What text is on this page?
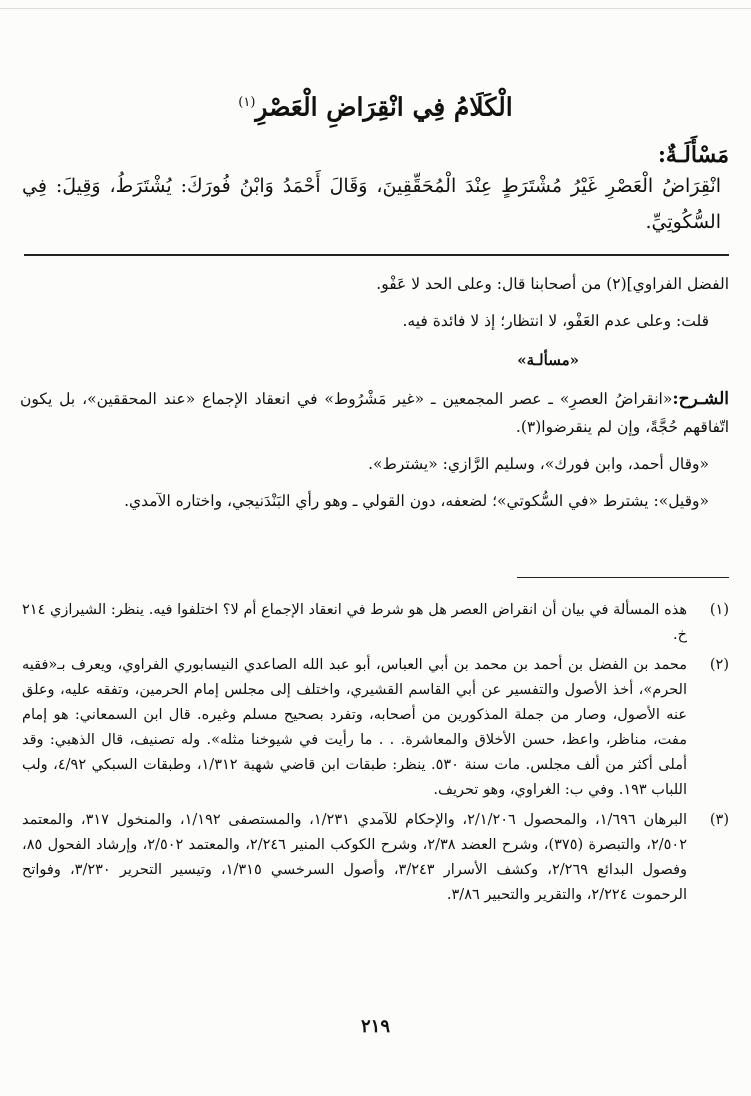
الْكَلَامُ فِي انْقِرَاضِ الْعَصْرِ$^{(١)}$
مَسْأَلَـةٌ:
انْقِرَاضُ الْعَصْرِ غَيْرُ مُشْتَرَطٍ عِنْدَ الْمُحَقِّقِينَ، وَقَالَ أَحْمَدُ وَابْنُ فُورَكَ: يُشْتَرَطُ، وَقِيلَ: فِي السُّكُوتِيِّ.

الفضل الفراوي](٢) من أصحابنا قال: وعلى الحد لا عَفْو.

قلت: وعلى عدم العَفْو، لا انتظار؛ إذ لا فائدة فيه.

«مسألـة»

الشـرح:«انقراضُ العصرِ» ـ عصر المجمعين ـ «غير مَشْرُوط» في انعقاد الإجماع «عند المحققين»، بل يكون اتّفاقهم حُجَّةً، وإن لم ينقرضوا(٣).

«وقال أحمد، وابن فورك»، وسليم الرَّازي: «يشترط».

«وقيل»: يشترط «في السُّكوتي»؛ لضعفه، دون القولي ـ وهو رأي البَنْدَنيجي، واختاره الآمدي.

(١)
هذه المسألة في بيان أن انقراض العصر هل هو شرط في انعقاد الإجماع أم لا؟ اختلفوا فيه. ينظر: الشيرازي ٢١٤ خ.
(٢)
محمد بن الفضل بن أحمد بن محمد بن أبي العباس، أبو عبد الله الصاعدي النيسابوري الفراوي، ويعرف بـ«فقيه الحرم»، أخذ الأصول والتفسير عن أبي القاسم القشيري، واختلف إلى مجلس إمام الحرمين، وتفقه عليه، وعلق عنه الأصول، وصار من جملة المذكورين من أصحابه، وتفرد بصحيح مسلم وغيره. قال ابن السمعاني: هو إمام مفت، مناظر، واعظ، حسن الأخلاق والمعاشرة. . . ما رأيت في شيوخنا مثله». وله تصنيف، قال الذهبي: وقد أملى أكثر من ألف مجلس. مات سنة ٥٣٠. ينظر: طبقات ابن قاضي شهبة ١/٣١٢، وطبقات السبكي ٤/٩٢، ولب اللباب ١٩٣. وفي ب: الغراوي، وهو تحريف.
(٣)
البرهان ١/٦٩٦، والمحصول ٢/١/٢٠٦، والإحكام للآمدي ١/٢٣١، والمستصفى ١/١٩٢، والمنخول ٣١٧، والمعتمد ٢/٥٠٢، والتبصرة (٣٧٥)، وشرح العضد ٢/٣٨، وشرح الكوكب المنير ٢/٢٤٦، والمعتمد ٢/٥٠٢، وإرشاد الفحول ٨٥، وفصول البدائع ٢/٢٦٩، وكشف الأسرار ٣/٢٤٣، وأصول السرخسي ١/٣١٥، وتيسير التحرير ٣/٢٣٠، وفواتح الرحموت ٢/٢٢٤، والتقرير والتحبير ٣/٨٦.
٢١٩
